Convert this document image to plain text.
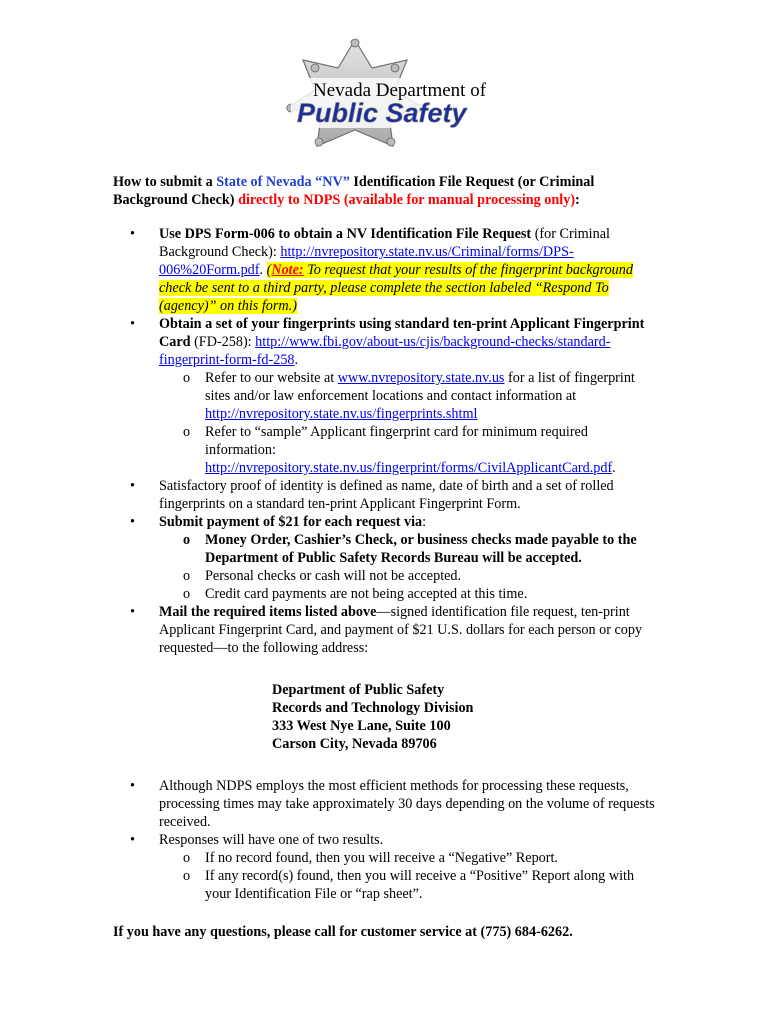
Nevada Department of
Public Safety

How to submit a State of Nevada “NV” Identification File Request (or Criminal Background Check) directly to NDPS (available for manual processing only):

• Use DPS Form-006 to obtain a NV Identification File Request (for Criminal Background Check): http://nvrepository.state.nv.us/Criminal/forms/DPS-006%20Form.pdf. (Note: To request that your results of the fingerprint background check be sent to a third party, please complete the section labeled “Respond To (agency)” on this form.)
• Obtain a set of your fingerprints using standard ten-print Applicant Fingerprint Card (FD-258): http://www.fbi.gov/about-us/cjis/background-checks/standard-fingerprint-form-fd-258.
o Refer to our website at www.nvrepository.state.nv.us for a list of fingerprint sites and/or law enforcement locations and contact information at http://nvrepository.state.nv.us/fingerprints.shtml
o Refer to “sample” Applicant fingerprint card for minimum required information: http://nvrepository.state.nv.us/fingerprint/forms/CivilApplicantCard.pdf.
• Satisfactory proof of identity is defined as name, date of birth and a set of rolled fingerprints on a standard ten-print Applicant Fingerprint Form.
• Submit payment of $21 for each request via:
o Money Order, Cashier’s Check, or business checks made payable to the Department of Public Safety Records Bureau will be accepted.
o Personal checks or cash will not be accepted.
o Credit card payments are not being accepted at this time.
• Mail the required items listed above—signed identification file request, ten-print Applicant Fingerprint Card, and payment of $21 U.S. dollars for each person or copy requested—to the following address:
Department of Public Safety
Records and Technology Division
333 West Nye Lane, Suite 100
Carson City, Nevada 89706
• Although NDPS employs the most efficient methods for processing these requests, processing times may take approximately 30 days depending on the volume of requests received.
• Responses will have one of two results.
o If no record found, then you will receive a “Negative” Report.
o If any record(s) found, then you will receive a “Positive” Report along with your Identification File or “rap sheet”.

If you have any questions, please call for customer service at (775) 684-6262.
